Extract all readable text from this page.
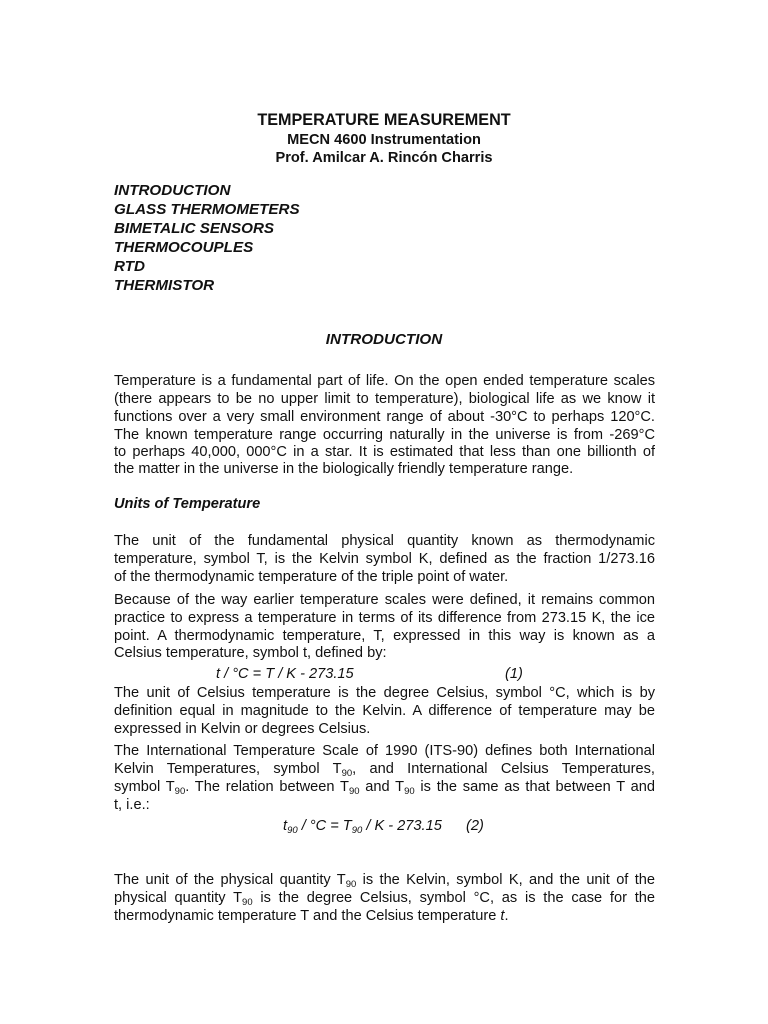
TEMPERATURE MEASUREMENT
MECN 4600 Instrumentation
Prof. Amilcar A. Rincón Charris
INTRODUCTION
GLASS THERMOMETERS
BIMETALIC SENSORS
THERMOCOUPLES
RTD
THERMISTOR
INTRODUCTION
Temperature is a fundamental part of life. On the open ended temperature scales
(there appears to be no upper limit to temperature), biological life as we know it
functions over a very small environment range of about -30°C to perhaps 120°C.
The known temperature range occurring naturally in the universe is from -269°C
to perhaps 40,000, 000°C in a star. It is estimated that less than one billionth of
the matter in the universe in the biologically friendly temperature range.
Units of Temperature
The unit of the fundamental physical quantity known as thermodynamic
temperature, symbol T, is the Kelvin symbol K, defined as the fraction 1/273.16
of the thermodynamic temperature of the triple point of water.
Because of the way earlier temperature scales were defined, it remains common
practice to express a temperature in terms of its difference from 273.15 K, the ice
point. A thermodynamic temperature, T, expressed in this way is known as a
Celsius temperature, symbol t, defined by:
t / °C = T / K - 273.15	(1)
The unit of Celsius temperature is the degree Celsius, symbol °C, which is by
definition equal in magnitude to the Kelvin. A difference of temperature may be
expressed in Kelvin or degrees Celsius.
The International Temperature Scale of 1990 (ITS-90) defines both International
Kelvin Temperatures, symbol $T_{90}$, and International Celsius Temperatures,
symbol $T_{90}$. The relation between $T_{90}$ and $T_{90}$ is the same as that between T and
t, i.e.:
$t_{90} / ^\circ C = T_{90} / K - 273.15$ (2)
The unit of the physical quantity $T_{90}$ is the Kelvin, symbol K, and the unit of the
physical quantity $T_{90}$ is the degree Celsius, symbol °C, as is the case for the
thermodynamic temperature T and the Celsius temperature t.
